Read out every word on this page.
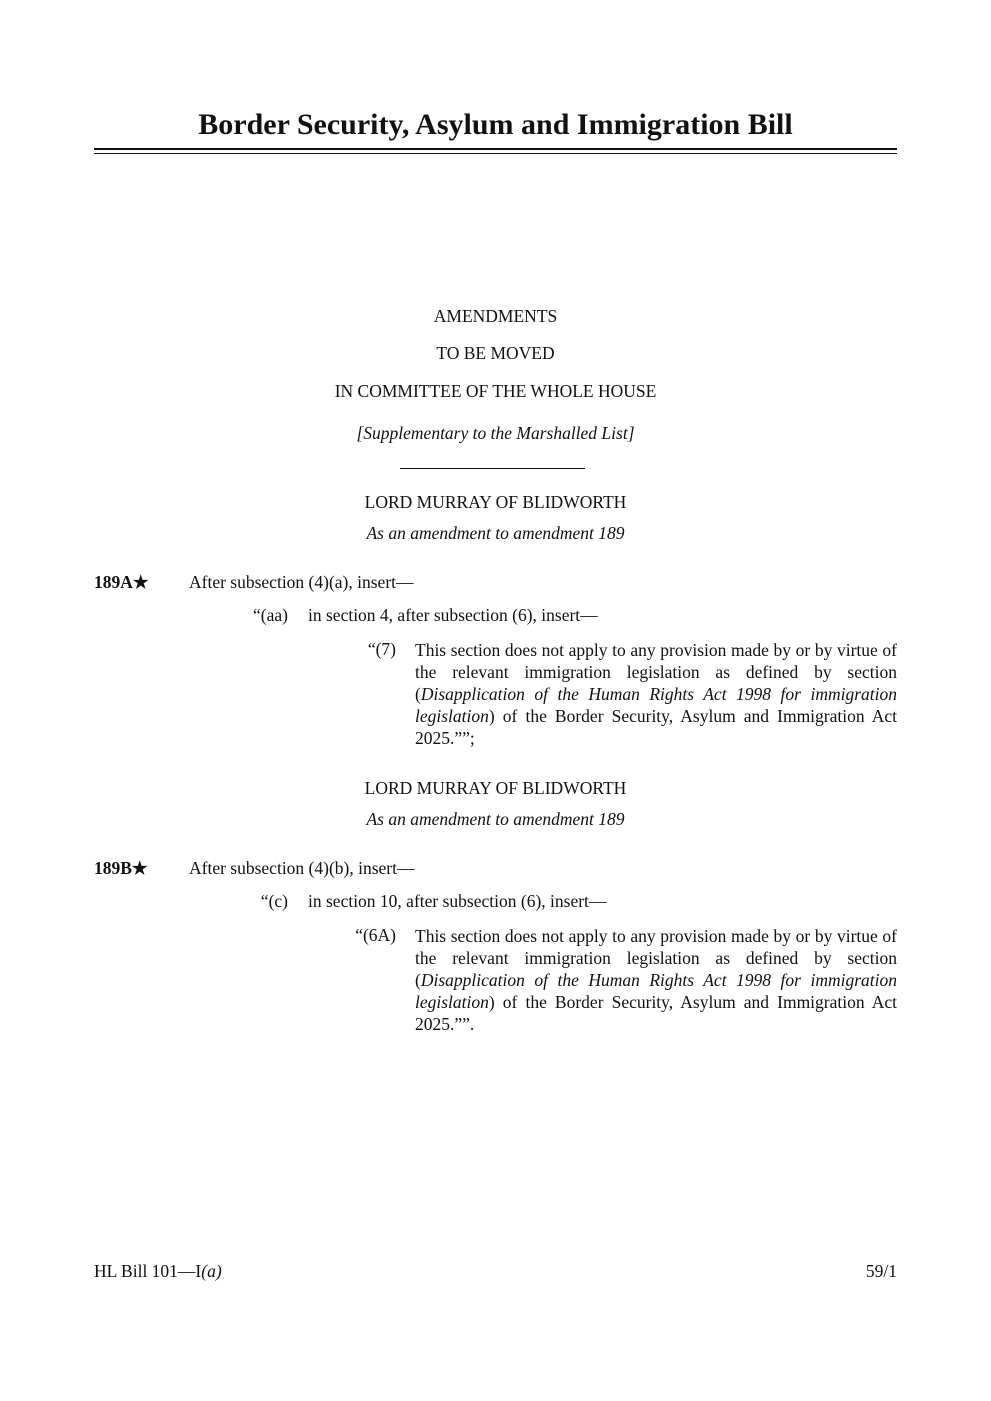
Border Security, Asylum and Immigration Bill
AMENDMENTS
TO BE MOVED
IN COMMITTEE OF THE WHOLE HOUSE
[Supplementary to the Marshalled List]
LORD MURRAY OF BLIDWORTH
As an amendment to amendment 189
189A★ After subsection (4)(a), insert—
“(aa) in section 4, after subsection (6), insert—
“(7) This section does not apply to any provision made by or by virtue of the relevant immigration legislation as defined by section (Disapplication of the Human Rights Act 1998 for immigration legislation) of the Border Security, Asylum and Immigration Act 2025.””;
LORD MURRAY OF BLIDWORTH
As an amendment to amendment 189
189B★ After subsection (4)(b), insert—
“(c) in section 10, after subsection (6), insert—
“(6A) This section does not apply to any provision made by or by virtue of the relevant immigration legislation as defined by section (Disapplication of the Human Rights Act 1998 for immigration legislation) of the Border Security, Asylum and Immigration Act 2025.””.
HL Bill 101—I(a)	59/1
